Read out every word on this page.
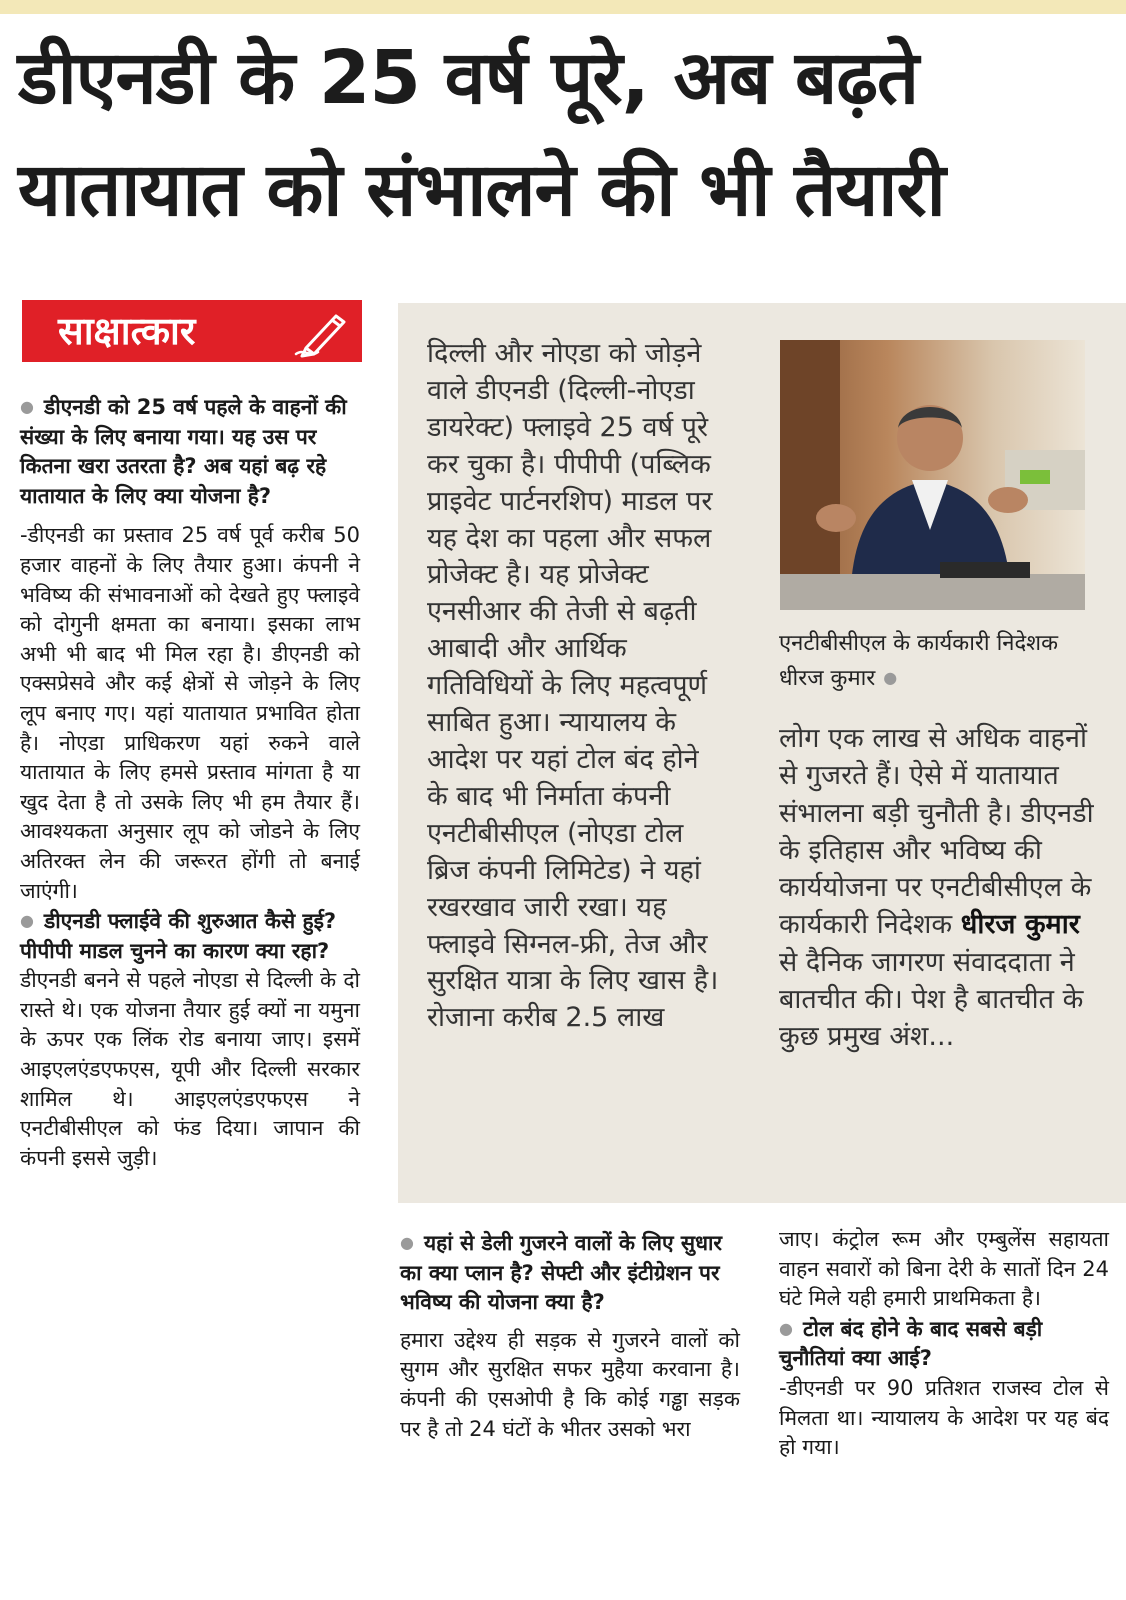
डीएनडी के 25 वर्ष पूरे, अब बढ़ते
यातायात को संभालने की भी तैयारी
साक्षात्कार

● डीएनडी को 25 वर्ष पहले के वाहनों की संख्या के लिए बनाया गया। यह उस पर कितना खरा उतरता है? अब यहां बढ़ रहे यातायात के लिए क्या योजना है?

-डीएनडी का प्रस्ताव 25 वर्ष पूर्व करीब 50 हजार वाहनों के लिए तैयार हुआ। कंपनी ने भविष्य की संभावनाओं को देखते हुए फ्लाइवे को दोगुनी क्षमता का बनाया। इसका लाभ अभी भी बाद भी मिल रहा है। डीएनडी को एक्सप्रेसवे और कई क्षेत्रों से जोड़ने के लिए लूप बनाए गए। यहां यातायात प्रभावित होता है। नोएडा प्राधिकरण यहां रुकने वाले यातायात के लिए हमसे प्रस्ताव मांगता है या खुद देता है तो उसके लिए भी हम तैयार हैं। आवश्यकता अनुसार लूप को जोडने के लिए अतिरक्त लेन की जरूरत होंगी तो बनाई जाएंगी।

● डीएनडी फ्लाईवे की शुरुआत कैसे हुई? पीपीपी माडल चुनने का कारण क्या रहा?

डीएनडी बनने से पहले नोएडा से दिल्ली के दो रास्ते थे। एक योजना तैयार हुई क्यों ना यमुना के ऊपर एक लिंक रोड बनाया जाए। इसमें आइएलएंडएफएस, यूपी और दिल्ली सरकार शामिल थे। आइएलएंडएफएस ने एनटीबीसीएल को फंड दिया। जापान की कंपनी इससे जुड़ी।

दिल्ली और नोएडा को जोड़ने वाले डीएनडी (दिल्ली-नोएडा डायरेक्ट) फ्लाइवे 25 वर्ष पूरे कर चुका है। पीपीपी (पब्लिक प्राइवेट पार्टनरशिप) माडल पर यह देश का पहला और सफल प्रोजेक्ट है। यह प्रोजेक्ट एनसीआर की तेजी से बढ़ती आबादी और आर्थिक गतिविधियों के लिए महत्वपूर्ण साबित हुआ। न्यायालय के आदेश पर यहां टोल बंद होने के बाद भी निर्माता कंपनी एनटीबीसीएल (नोएडा टोल ब्रिज कंपनी लिमिटेड) ने यहां रखरखाव जारी रखा। यह फ्लाइवे सिग्नल-फ्री, तेज और सुरक्षित यात्रा के लिए खास है। रोजाना करीब 2.5 लाख
एनटीबीसीएल के कार्यकारी निदेशक
धीरज कुमार ●
लोग एक लाख से अधिक वाहनों से गुजरते हैं। ऐसे में यातायात संभालना बड़ी चुनौती है। डीएनडी के इतिहास और भविष्य की कार्ययोजना पर एनटीबीसीएल के कार्यकारी निदेशक धीरज कुमार से दैनिक जागरण संवाददाता ने बातचीत की। पेश है बातचीत के कुछ प्रमुख अंश...

● यहां से डेली गुजरने वालों के लिए सुधार का क्या प्लान है? सेफ्टी और इंटीग्रेशन पर भविष्य की योजना क्या है?

हमारा उद्देश्य ही सड़क से गुजरने वालों को सुगम और सुरक्षित सफर मुहैया करवाना है। कंपनी की एसओपी है कि कोई गड्ढा सड़क पर है तो 24 घंटों के भीतर उसको भरा

जाए। कंट्रोल रूम और एम्बुलेंस सहायता वाहन सवारों को बिना देरी के सातों दिन 24 घंटे मिले यही हमारी प्राथमिकता है।

● टोल बंद होने के बाद सबसे बड़ी चुनौतियां क्या आई?

-डीएनडी पर 90 प्रतिशत राजस्व टोल से मिलता था। न्यायालय के आदेश पर यह बंद हो गया।
